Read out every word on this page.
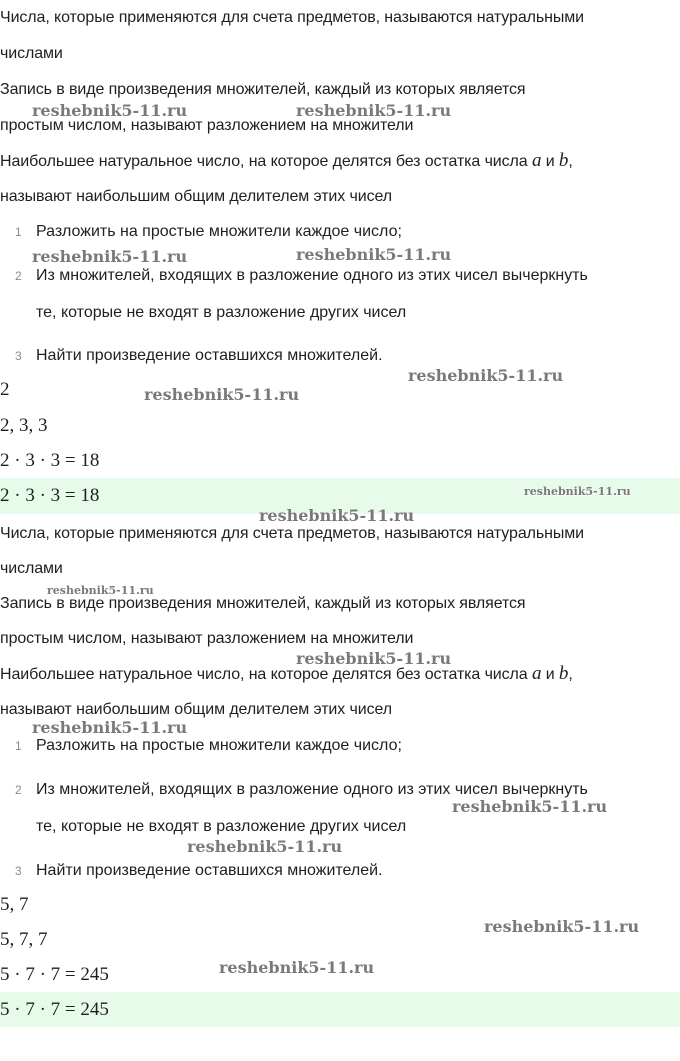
Числа, которые применяются для счета предметов, называются натуральными

числами

Запись в виде произведения множителей, каждый из которых является

простым числом, называют разложением на множители

Наибольшее натуральное число, на которое делятся без остатка числа a и b,

называют наибольшим общим делителем этих чисел

1 Разложить на простые множители каждое число;
2 Из множителей, входящих в разложение одного из этих чисел вычеркнуть
те, которые не входят в разложение других чисел
3 Найти произведение оставшихся множителей.

2

2, 3, 3

2 · 3 · 3 = 18

2 · 3 · 3 = 18

Числа, которые применяются для счета предметов, называются натуральными

числами

Запись в виде произведения множителей, каждый из которых является

простым числом, называют разложением на множители

Наибольшее натуральное число, на которое делятся без остатка числа a и b,

называют наибольшим общим делителем этих чисел

1 Разложить на простые множители каждое число;
2 Из множителей, входящих в разложение одного из этих чисел вычеркнуть
те, которые не входят в разложение других чисел
3 Найти произведение оставшихся множителей.

5, 7

5, 7, 7

5 · 7 · 7 = 245

5 · 7 · 7 = 245

reshebnik5-11.ru	reshebnik5-11.ru
reshebnik5-11.ru	reshebnik5-11.ru
reshebnik5-11.ru
reshebnik5-11.ru
reshebnik5-11.ru
reshebnik5-11.ru
reshebnik5-11.ru
reshebnik5-11.ru
reshebnik5-11.ru
reshebnik5-11.ru
reshebnik5-11.ru
reshebnik5-11.ru
reshebnik5-11.ru
